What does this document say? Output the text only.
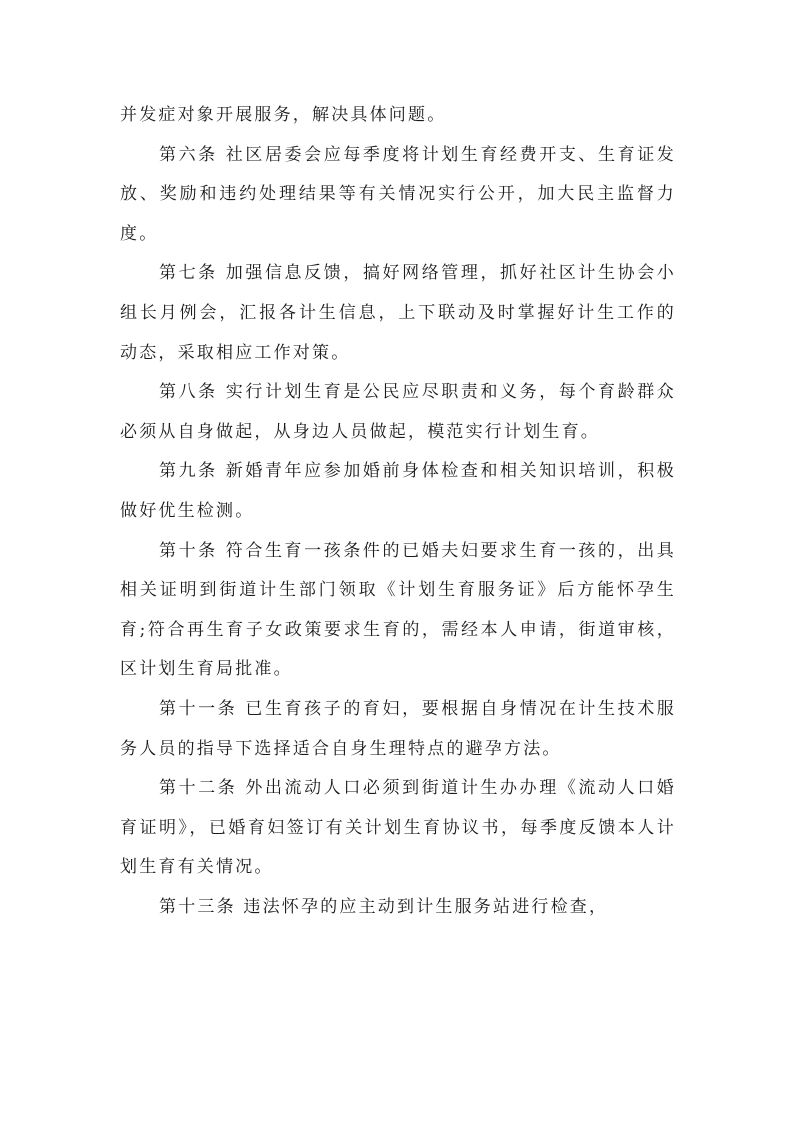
并发症对象开展服务，解决具体问题。

第六条 社区居委会应每季度将计划生育经费开支、生育证发放、奖励和违约处理结果等有关情况实行公开，加大民主监督力度。

第七条 加强信息反馈，搞好网络管理，抓好社区计生协会小组长月例会，汇报各计生信息，上下联动及时掌握好计生工作的动态，采取相应工作对策。

第八条 实行计划生育是公民应尽职责和义务，每个育龄群众必须从自身做起，从身边人员做起，模范实行计划生育。

第九条 新婚青年应参加婚前身体检查和相关知识培训，积极做好优生检测。

第十条 符合生育一孩条件的已婚夫妇要求生育一孩的，出具相关证明到街道计生部门领取《计划生育服务证》后方能怀孕生育;符合再生育子女政策要求生育的，需经本人申请，街道审核，区计划生育局批准。

第十一条 已生育孩子的育妇，要根据自身情况在计生技术服务人员的指导下选择适合自身生理特点的避孕方法。

第十二条 外出流动人口必须到街道计生办办理《流动人口婚育证明》，已婚育妇签订有关计划生育协议书，每季度反馈本人计划生育有关情况。

第十三条 违法怀孕的应主动到计生服务站进行检查，
